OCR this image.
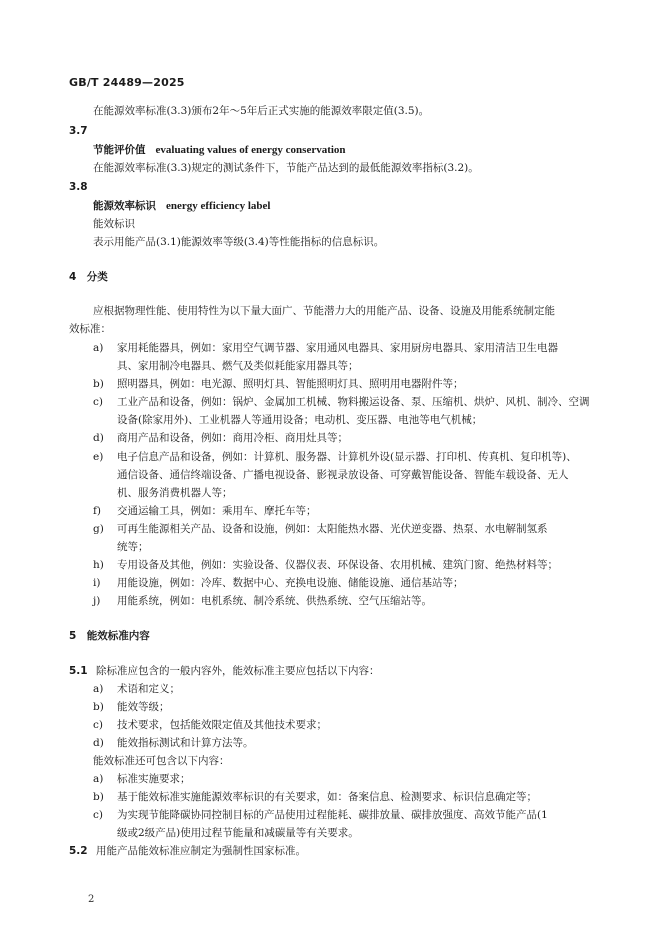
GB/T 24489—2025
在能源效率标准(3.3)颁布2年～5年后正式实施的能源效率限定值(3.5)。
3.7
节能评价值 evaluating values of energy conservation
在能源效率标准(3.3)规定的测试条件下，节能产品达到的最低能源效率指标(3.2)。
3.8
能源效率标识 energy efficiency label
能效标识
表示用能产品(3.1)能源效率等级(3.4)等性能指标的信息标识。
4　分类
应根据物理性能、使用特性为以下量大面广、节能潜力大的用能产品、设备、设施及用能系统制定能
效标准：
a)	家用耗能器具，例如：家用空气调节器、家用通风电器具、家用厨房电器具、家用清洁卫生电器
具、家用制冷电器具、燃气及类似耗能家用器具等；
b)	照明器具，例如：电光源、照明灯具、智能照明灯具、照明用电器附件等；
c)	工业产品和设备，例如：锅炉、金属加工机械、物料搬运设备、泵、压缩机、烘炉、风机、制冷、空调
设备(除家用外)、工业机器人等通用设备；电动机、变压器、电池等电气机械；
d)	商用产品和设备，例如：商用冷柜、商用灶具等；
e)	电子信息产品和设备，例如：计算机、服务器、计算机外设(显示器、打印机、传真机、复印机等)、
通信设备、通信终端设备、广播电视设备、影视录放设备、可穿戴智能设备、智能车载设备、无人
机、服务消费机器人等；
f)	交通运输工具，例如：乘用车、摩托车等；
g)	可再生能源相关产品、设备和设施，例如：太阳能热水器、光伏逆变器、热泵、水电解制氢系
统等；
h)	专用设备及其他，例如：实验设备、仪器仪表、环保设备、农用机械、建筑门窗、绝热材料等；
i)	用能设施，例如：冷库、数据中心、充换电设施、储能设施、通信基站等；
j)	用能系统，例如：电机系统、制冷系统、供热系统、空气压缩站等。
5　能效标准内容
5.1 除标准应包含的一般内容外，能效标准主要应包括以下内容：
a)	术语和定义；
b)	能效等级；
c)	技术要求，包括能效限定值及其他技术要求；
d)	能效指标测试和计算方法等。
能效标准还可包含以下内容：
a)	标准实施要求；
b)	基于能效标准实施能源效率标识的有关要求，如：备案信息、检测要求、标识信息确定等；
c)	为实现节能降碳协同控制目标的产品使用过程能耗、碳排放量、碳排放强度、高效节能产品(1
级或2级产品)使用过程节能量和减碳量等有关要求。
5.2 用能产品能效标准应制定为强制性国家标准。
2
